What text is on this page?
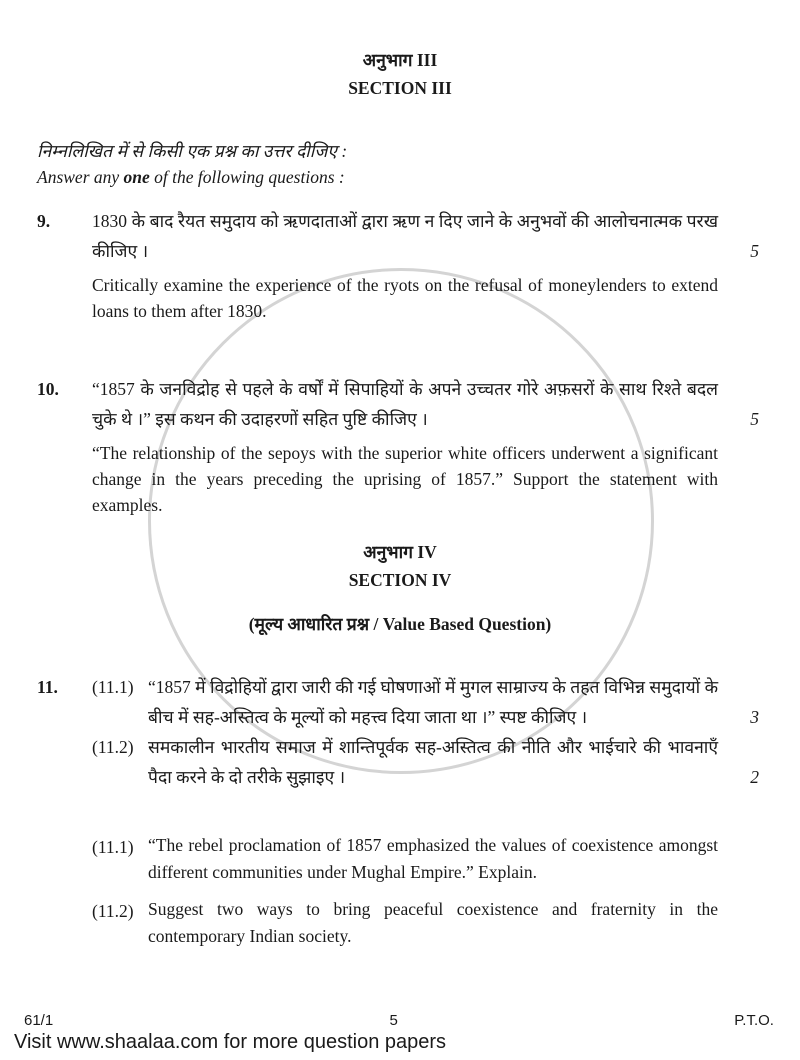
अनुभाग III
SECTION III
निम्नलिखित में से किसी एक प्रश्न का उत्तर दीजिए :
Answer any one of the following questions :
9.	1830 के बाद रैयत समुदाय को ऋणदाताओं द्वारा ऋण न दिए जाने के अनुभवों की आलोचनात्मक परख कीजिए ।	5
Critically examine the experience of the ryots on the refusal of moneylenders to extend loans to them after 1830.
10.	“1857 के जनविद्रोह से पहले के वर्षों में सिपाहियों के अपने उच्चतर गोरे अफ़सरों के साथ रिश्ते बदल चुके थे ।” इस कथन की उदाहरणों सहित पुष्टि कीजिए ।	5
“The relationship of the sepoys with the superior white officers underwent a significant change in the years preceding the uprising of 1857.” Support the statement with examples.
अनुभाग IV
SECTION IV
(मूल्य आधारित प्रश्न / Value Based Question)
11.	(11.1) “1857 में विद्रोहियों द्वारा जारी की गई घोषणाओं में मुगल साम्राज्य के तहत विभिन्न समुदायों के बीच में सह-अस्तित्व के मूल्यों को महत्त्व दिया जाता था ।” स्पष्ट कीजिए ।	3
(11.2) समकालीन भारतीय समाज में शान्तिपूर्वक सह-अस्तित्व की नीति और भाईचारे की भावनाएँ पैदा करने के दो तरीके सुझाइए ।	2
(11.1) “The rebel proclamation of 1857 emphasized the values of coexistence amongst different communities under Mughal Empire.” Explain.
(11.2) Suggest two ways to bring peaceful coexistence and fraternity in the contemporary Indian society.
61/1	5	P.T.O.
Visit www.shaalaa.com for more question papers
